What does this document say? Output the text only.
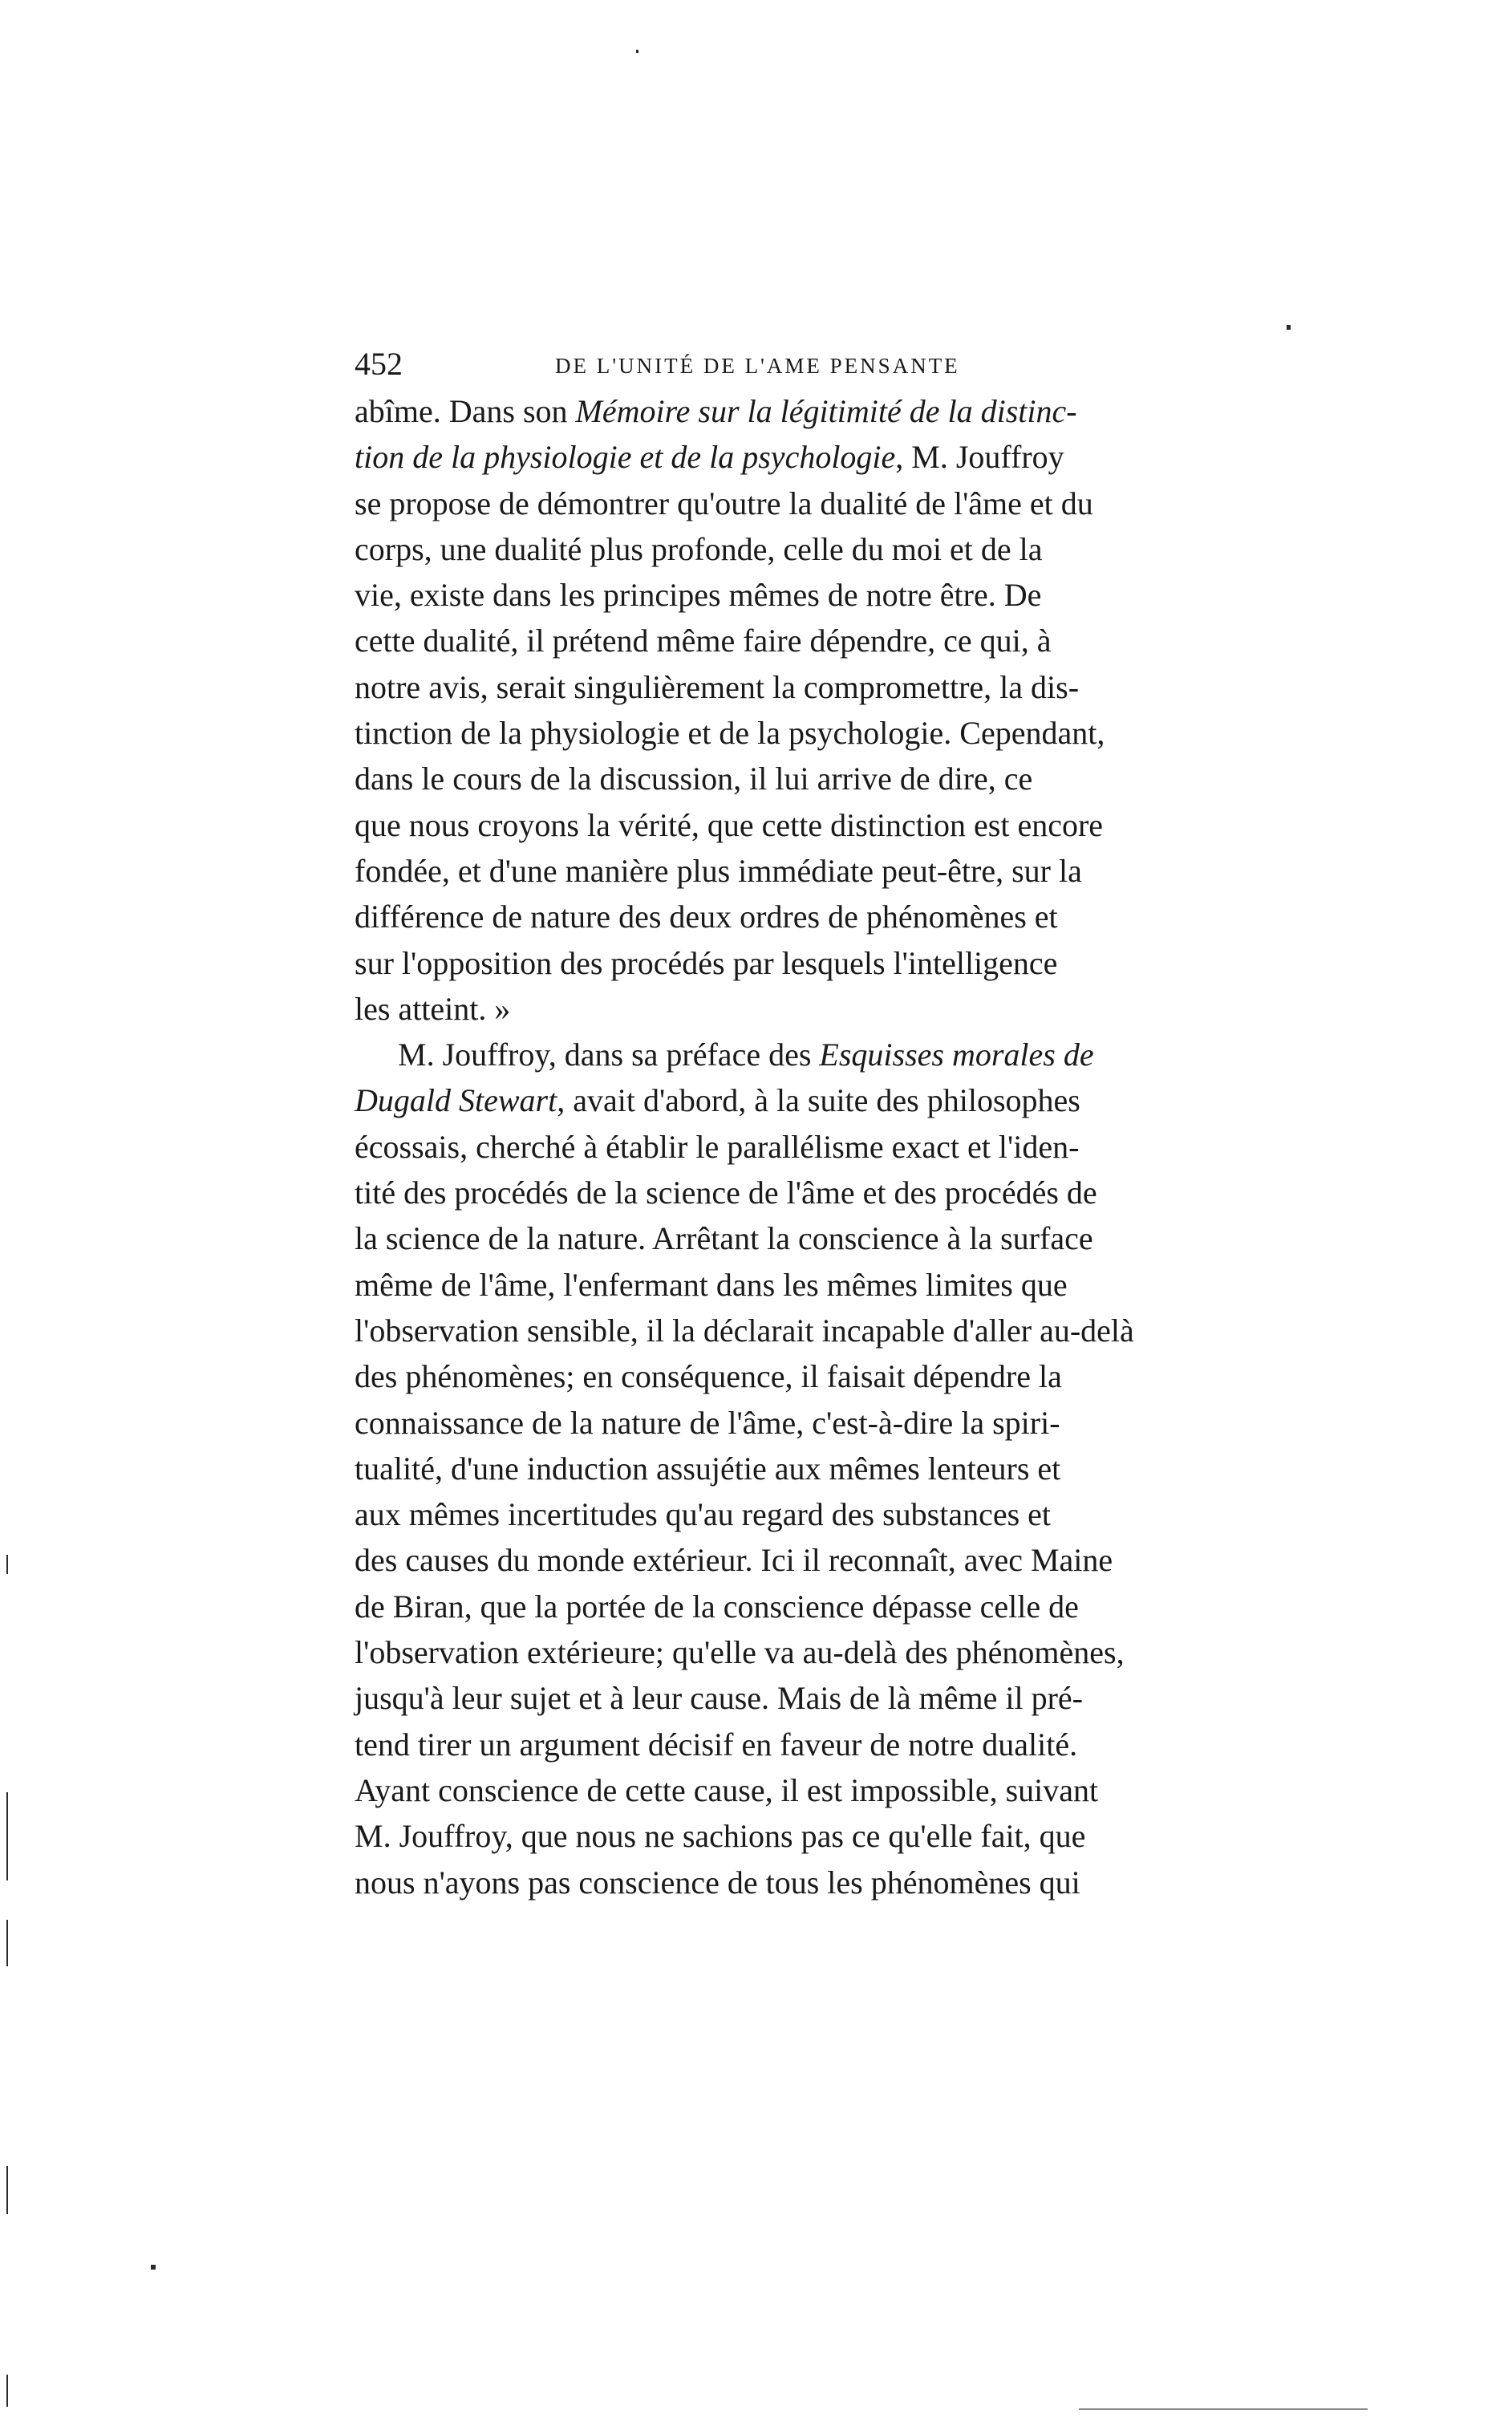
452	DE L'UNITÉ DE L'AME PENSANTE
abîme. Dans son Mémoire sur la légitimité de la distinc-
tion de la physiologie et de la psychologie, M. Jouffroy
se propose de démontrer qu'outre la dualité de l'âme et du
corps, une dualité plus profonde, celle du moi et de la
vie, existe dans les principes mêmes de notre être. De
cette dualité, il prétend même faire dépendre, ce qui, à
notre avis, serait singulièrement la compromettre, la dis-
tinction de la physiologie et de la psychologie. Cependant,
dans le cours de la discussion, il lui arrive de dire, ce
que nous croyons la vérité, que cette distinction est encore
fondée, et d'une manière plus immédiate peut-être, sur la
différence de nature des deux ordres de phénomènes et
sur l'opposition des procédés par lesquels l'intelligence
les atteint. »
M. Jouffroy, dans sa préface des Esquisses morales de
Dugald Stewart, avait d'abord, à la suite des philosophes
écossais, cherché à établir le parallélisme exact et l'iden-
tité des procédés de la science de l'âme et des procédés de
la science de la nature. Arrêtant la conscience à la surface
même de l'âme, l'enfermant dans les mêmes limites que
l'observation sensible, il la déclarait incapable d'aller au-delà
des phénomènes; en conséquence, il faisait dépendre la
connaissance de la nature de l'âme, c'est-à-dire la spiri-
tualité, d'une induction assujétie aux mêmes lenteurs et
aux mêmes incertitudes qu'au regard des substances et
des causes du monde extérieur. Ici il reconnaît, avec Maine
de Biran, que la portée de la conscience dépasse celle de
l'observation extérieure; qu'elle va au-delà des phénomènes,
jusqu'à leur sujet et à leur cause. Mais de là même il pré-
tend tirer un argument décisif en faveur de notre dualité.
Ayant conscience de cette cause, il est impossible, suivant
M. Jouffroy, que nous ne sachions pas ce qu'elle fait, que
nous n'ayons pas conscience de tous les phénomènes qui
